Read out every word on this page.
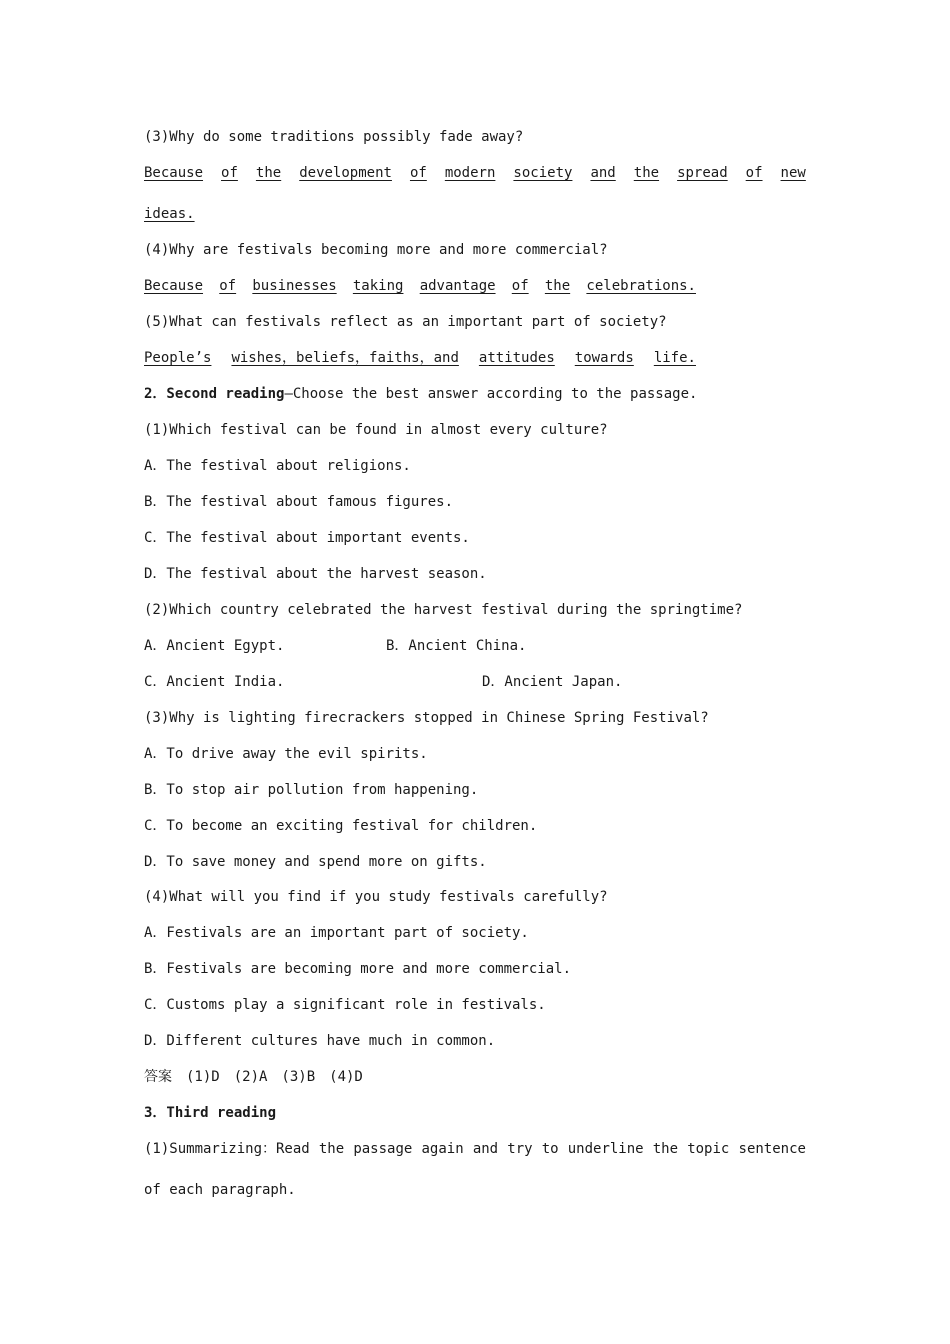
(3)Why do some traditions possibly fade away?
Because of the development of modern society and the spread of new
ideas.
(4)Why are festivals becoming more and more commercial?
Because of businesses taking advantage of the celebrations.
(5)What can festivals reflect as an important part of society?
People’s wishes，beliefs，faiths，and attitudes towards life.
2．Second reading—Choose the best answer according to the passage.
(1)Which festival can be found in almost every culture?
A．The festival about religions.
B．The festival about famous figures.
C．The festival about important events.
D．The festival about the harvest season.
(2)Which country celebrated the harvest festival during the springtime?
A．Ancient Egypt.	B．Ancient China.
C．Ancient India.	D．Ancient Japan.
(3)Why is lighting firecrackers stopped in Chinese Spring Festival?
A．To drive away the evil spirits.
B．To stop air pollution from happening.
C．To become an exciting festival for children.
D．To save money and spend more on gifts.
(4)What will you find if you study festivals carefully?
A．Festivals are an important part of society.
B．Festivals are becoming more and more commercial.
C．Customs play a significant role in festivals.
D．Different cultures have much in common.
答案　(1)D　(2)A　(3)B　(4)D
3．Third reading
(1)Summarizing：Read the passage again and try to underline the topic sentence
of each paragraph.
